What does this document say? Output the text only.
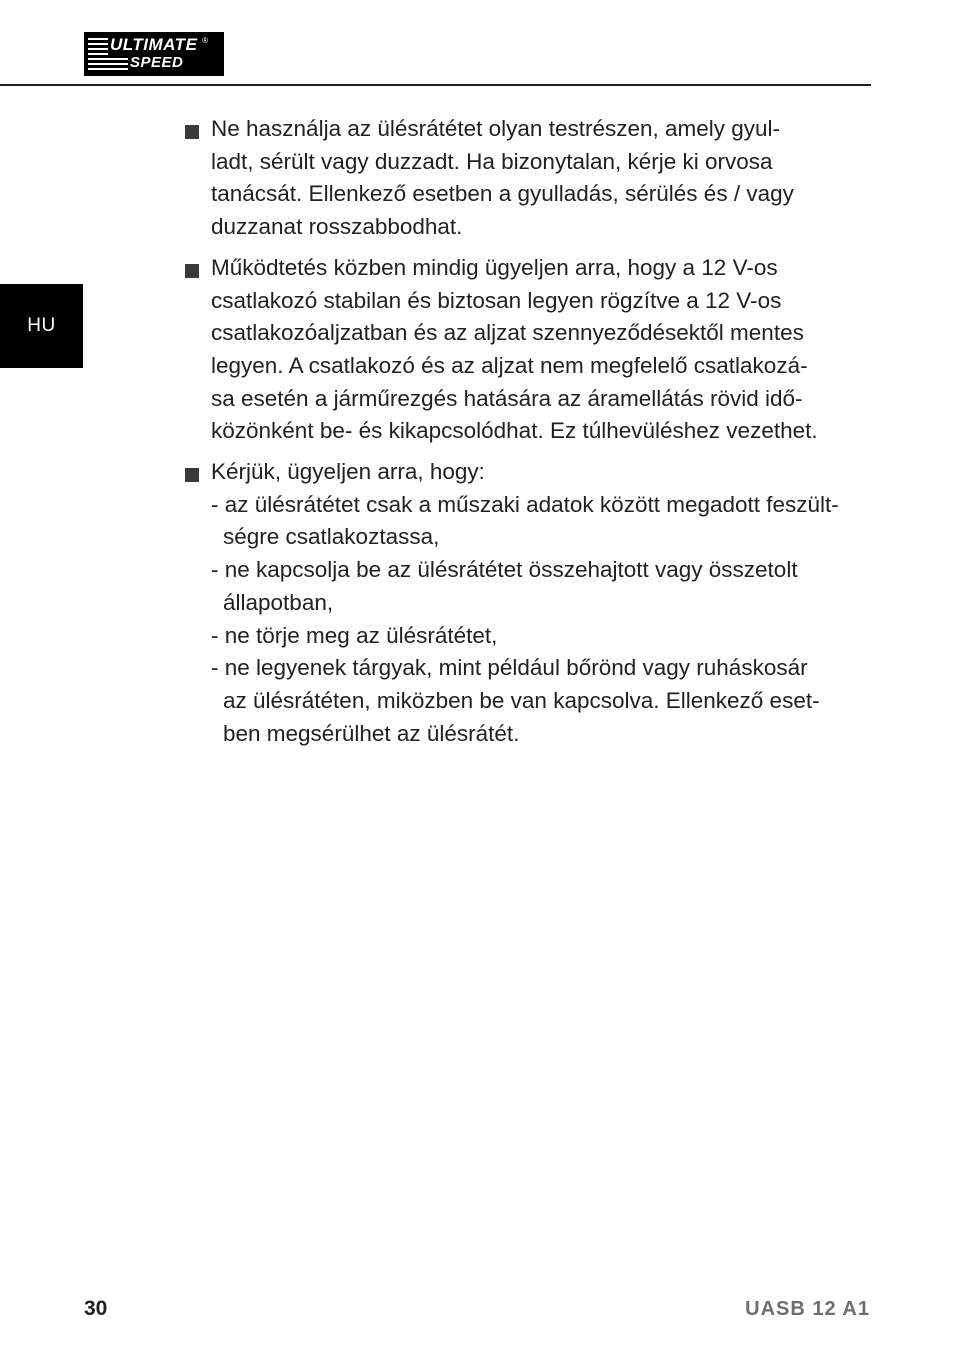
ULTIMATE
SPEED
®
HU
Ne használja az ülésrátétet olyan testrészen, amely gyul-
ladt, sérült vagy duzzadt. Ha bizonytalan, kérje ki orvosa
tanácsát. Ellenkező esetben a gyulladás, sérülés és / vagy
duzzanat rosszabbodhat.
Működtetés közben mindig ügyeljen arra, hogy a 12 V-os
csatlakozó stabilan és biztosan legyen rögzítve a 12 V-os
csatlakozóaljzatban és az aljzat szennyeződésektől mentes
legyen. A csatlakozó és az aljzat nem megfelelő csatlakozá-
sa esetén a járműrezgés hatására az áramellátás rövid idő-
közönként be- és kikapcsolódhat. Ez túlhevüléshez vezethet.
Kérjük, ügyeljen arra, hogy:
- az ülésrátétet csak a műszaki adatok között megadott feszült-
ségre csatlakoztassa,
- ne kapcsolja be az ülésrátétet összehajtott vagy összetolt
állapotban,
- ne törje meg az ülésrátétet,
- ne legyenek tárgyak, mint például bőrönd vagy ruháskosár
az ülésrátéten, miközben be van kapcsolva. Ellenkező eset-
ben megsérülhet az ülésrátét.
30	UASB 12 A1
